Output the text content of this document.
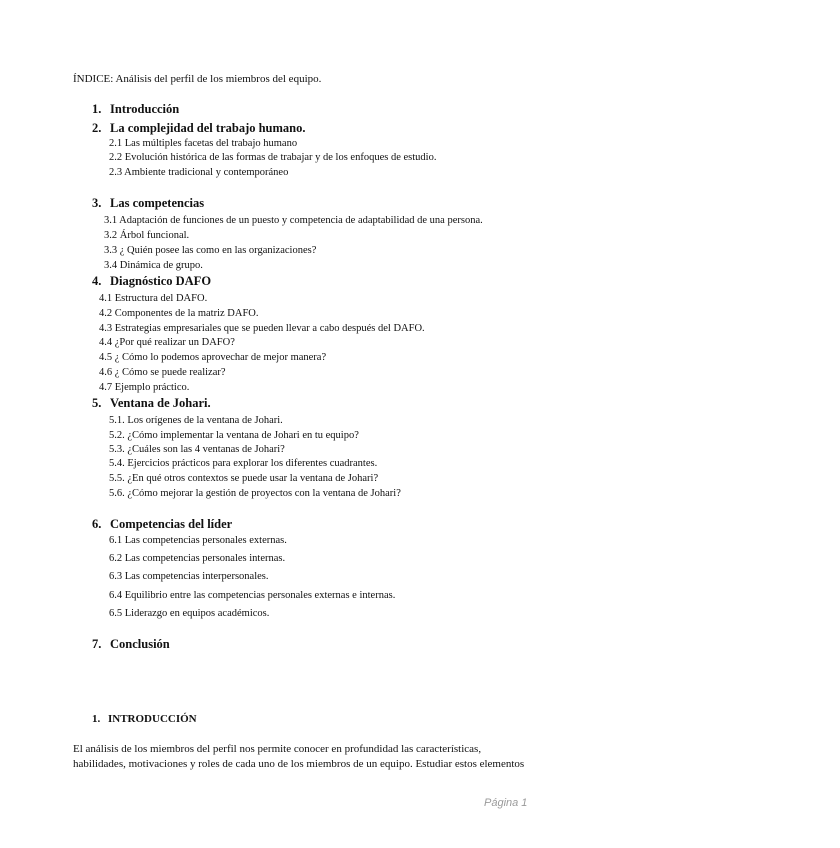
ÍNDICE: Análisis del perfil de los miembros del equipo.
1. Introducción
2. La complejidad del trabajo humano.
2.1 Las múltiples facetas del trabajo humano
2.2 Evolución histórica de las formas de trabajar y de los enfoques de estudio.
2.3 Ambiente tradicional y contemporáneo
3. Las competencias
3.1 Adaptación de funciones de un puesto y competencia de adaptabilidad de una persona.
3.2 Árbol funcional.
3.3 ¿ Quién posee las como en las organizaciones?
3.4 Dinámica de grupo.
4. Diagnóstico DAFO
4.1 Estructura del DAFO.
4.2 Componentes de la matriz DAFO.
4.3 Estrategias empresariales que se pueden llevar a cabo después del DAFO.
4.4 ¿Por qué realizar un DAFO?
4.5 ¿ Cómo lo podemos aprovechar de mejor manera?
4.6 ¿ Cómo se puede realizar?
4.7 Ejemplo práctico.
5. Ventana de Johari.
5.1. Los orígenes de la ventana de Johari.
5.2. ¿Cómo implementar la ventana de Johari en tu equipo?
5.3. ¿Cuáles son las 4 ventanas de Johari?
5.4. Ejercicios prácticos para explorar los diferentes cuadrantes.
5.5. ¿En qué otros contextos se puede usar la ventana de Johari?
5.6. ¿Cómo mejorar la gestión de proyectos con la ventana de Johari?
6. Competencias del líder
6.1 Las competencias personales externas.
6.2 Las competencias personales internas.
6.3 Las competencias interpersonales.
6.4 Equilibrio entre las competencias personales externas e internas.
6.5 Liderazgo en equipos académicos.
7. Conclusión
1. INTRODUCCIÓN
El análisis de los miembros del perfil nos permite conocer en profundidad las características,
habilidades, motivaciones y roles de cada uno de los miembros de un equipo. Estudiar estos elementos
Página 1
